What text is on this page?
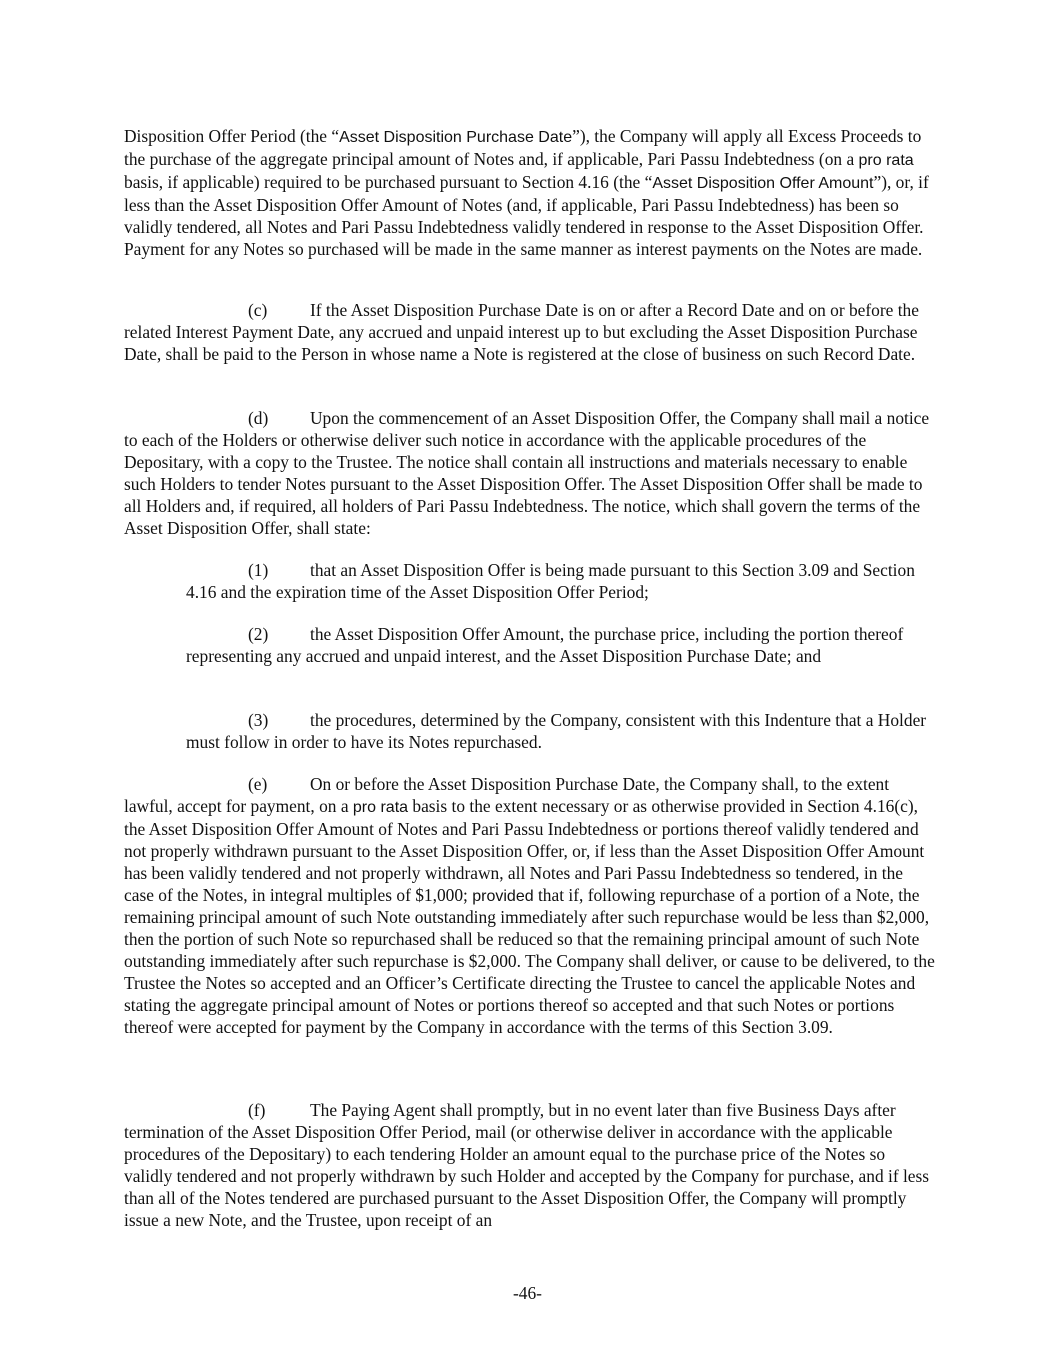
Disposition Offer Period (the “Asset Disposition Purchase Date”), the Company will apply all Excess Proceeds to the purchase of the aggregate principal amount of Notes and, if applicable, Pari Passu Indebtedness (on a pro rata basis, if applicable) required to be purchased pursuant to Section 4.16 (the “Asset Disposition Offer Amount”), or, if less than the Asset Disposition Offer Amount of Notes (and, if applicable, Pari Passu Indebtedness) has been so validly tendered, all Notes and Pari Passu Indebtedness validly tendered in response to the Asset Disposition Offer. Payment for any Notes so purchased will be made in the same manner as interest payments on the Notes are made.

(c) If the Asset Disposition Purchase Date is on or after a Record Date and on or before the related Interest Payment Date, any accrued and unpaid interest up to but excluding the Asset Disposition Purchase Date, shall be paid to the Person in whose name a Note is registered at the close of business on such Record Date.

(d) Upon the commencement of an Asset Disposition Offer, the Company shall mail a notice to each of the Holders or otherwise deliver such notice in accordance with the applicable procedures of the Depositary, with a copy to the Trustee. The notice shall contain all instructions and materials necessary to enable such Holders to tender Notes pursuant to the Asset Disposition Offer. The Asset Disposition Offer shall be made to all Holders and, if required, all holders of Pari Passu Indebtedness. The notice, which shall govern the terms of the Asset Disposition Offer, shall state:

(1) that an Asset Disposition Offer is being made pursuant to this Section 3.09 and Section 4.16 and the expiration time of the Asset Disposition Offer Period;

(2) the Asset Disposition Offer Amount, the purchase price, including the portion thereof representing any accrued and unpaid interest, and the Asset Disposition Purchase Date; and

(3) the procedures, determined by the Company, consistent with this Indenture that a Holder must follow in order to have its Notes repurchased.

(e) On or before the Asset Disposition Purchase Date, the Company shall, to the extent lawful, accept for payment, on a pro rata basis to the extent necessary or as otherwise provided in Section 4.16(c), the Asset Disposition Offer Amount of Notes and Pari Passu Indebtedness or portions thereof validly tendered and not properly withdrawn pursuant to the Asset Disposition Offer, or, if less than the Asset Disposition Offer Amount has been validly tendered and not properly withdrawn, all Notes and Pari Passu Indebtedness so tendered, in the case of the Notes, in integral multiples of $1,000; provided that if, following repurchase of a portion of a Note, the remaining principal amount of such Note outstanding immediately after such repurchase would be less than $2,000, then the portion of such Note so repurchased shall be reduced so that the remaining principal amount of such Note outstanding immediately after such repurchase is $2,000. The Company shall deliver, or cause to be delivered, to the Trustee the Notes so accepted and an Officer’s Certificate directing the Trustee to cancel the applicable Notes and stating the aggregate principal amount of Notes or portions thereof so accepted and that such Notes or portions thereof were accepted for payment by the Company in accordance with the terms of this Section 3.09.

(f)	The Paying Agent shall promptly, but in no event later than five Business Days after termination of the Asset Disposition Offer Period, mail (or otherwise deliver in accordance with the applicable procedures of the Depositary) to each tendering Holder an amount equal to the purchase price of the Notes so validly tendered and not properly withdrawn by such Holder and accepted by the Company for purchase, and if less than all of the Notes tendered are purchased pursuant to the Asset Disposition Offer, the Company will promptly issue a new Note, and the Trustee, upon receipt of an

-46-
